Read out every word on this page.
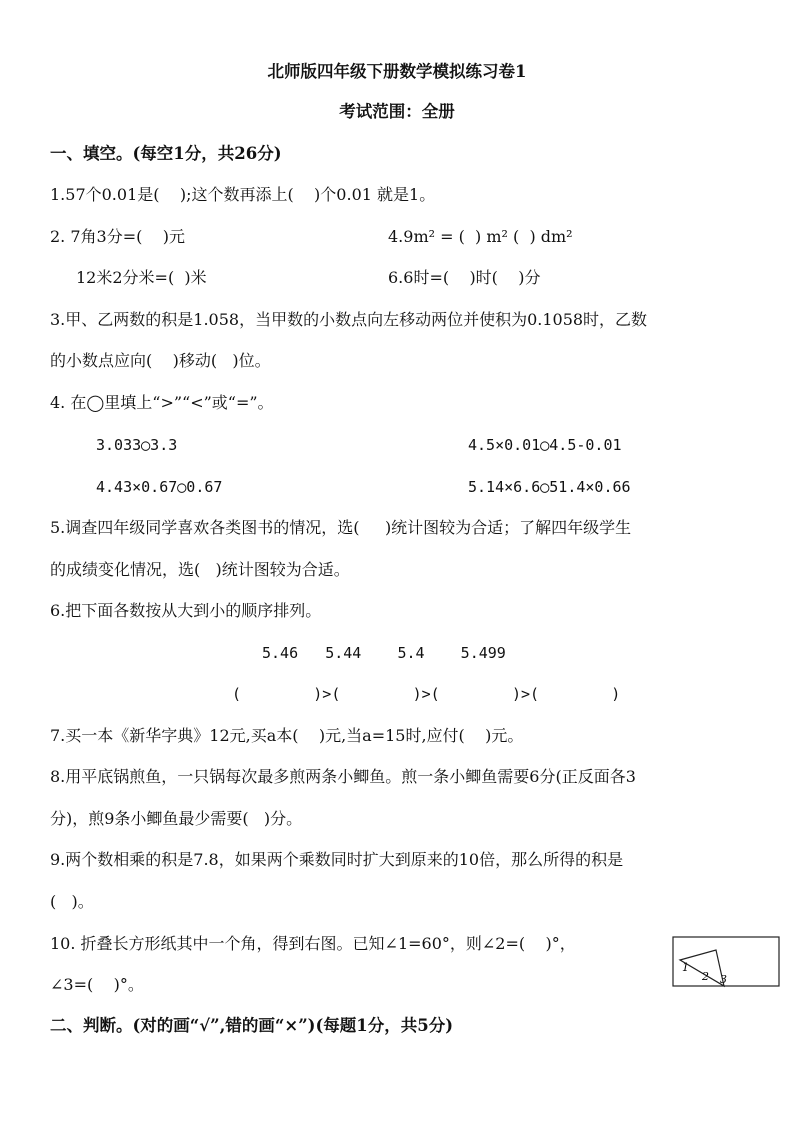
北师版四年级下册数学模拟练习卷1
考试范围：全册
一、填空。(每空1分，共26分)
1.57个0.01是(    );这个数再添上(    )个0.01 就是1。
2. 7角3分=(    )元	4.9m² = (  ) m² (  ) dm²
12米2分米=(  )米	6.6时=(    )时(    )分
3.甲、乙两数的积是1.058，当甲数的小数点向左移动两位并使积为0.1058时，乙数
的小数点应向(    )移动(   )位。
4. 在◯里填上“>”“<”或“=”。
3.033◯3.3	4.5×0.01◯4.5-0.01
4.43×0.67◯0.67	5.14×6.6◯51.4×0.66
5.调查四年级同学喜欢各类图书的情况，选(     )统计图较为合适；了解四年级学生
的成绩变化情况，选(   )统计图较为合适。
6.把下面各数按从大到小的顺序排列。
5.46   5.44    5.4    5.499
(        )>(        )>(        )>(        )
7.买一本《新华字典》12元,买a本(    )元,当a=15时,应付(    )元。
8.用平底锅煎鱼，一只锅每次最多煎两条小鲫鱼。煎一条小鲫鱼需要6分(正反面各3
分)，煎9条小鲫鱼最少需要(   )分。
9.两个数相乘的积是7.8，如果两个乘数同时扩大到原来的10倍，那么所得的积是
(   )。
10. 折叠长方形纸其中一个角，得到右图。已知∠1=60°，则∠2=(    )°，
∠3=(    )°。
1
2 3
二、判断。(对的画“√”,错的画“×”)(每题1分，共5分)
